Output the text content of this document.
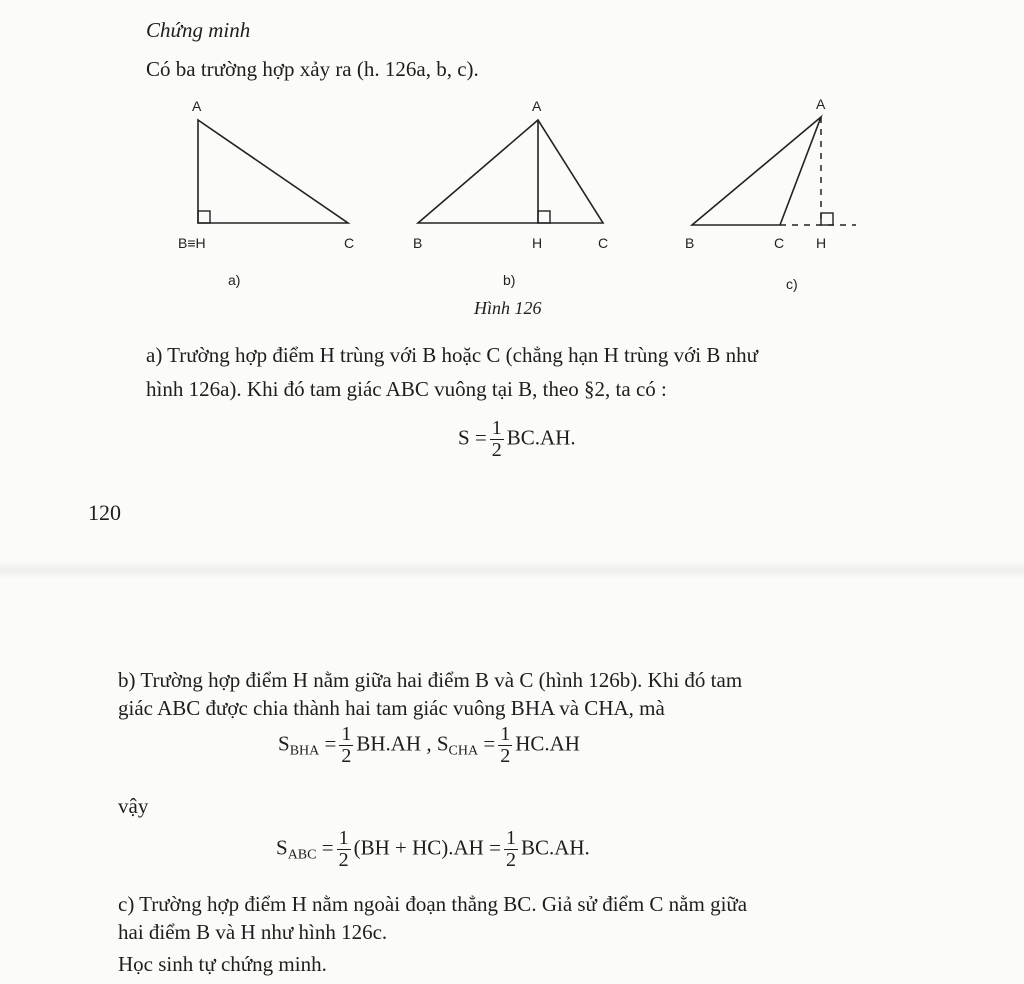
Chứng minh
Có ba trường hợp xảy ra (h. 126a, b, c).
A
B≡H	C
a)
A
B	H	C
b)
A
B	C H
c)
Hình 126
a) Trường hợp điểm H trùng với B hoặc C (chẳng hạn H trùng với B như
hình 126a). Khi đó tam giác ABC vuông tại B, theo §2, ta có :
$S = \frac{1}{2} BC.AH$.
120
b) Trường hợp điểm H nằm giữa hai điểm B và C (hình 126b). Khi đó tam
giác ABC được chia thành hai tam giác vuông BHA và CHA, mà
$S_{BHA} = \frac{1}{2} BH.AH$ , $S_{CHA} = \frac{1}{2} HC.AH$
vậy
$S_{ABC} = \frac{1}{2} (BH + HC).AH = \frac{1}{2} BC.AH$.
c) Trường hợp điểm H nằm ngoài đoạn thẳng BC. Giả sử điểm C nằm giữa
hai điểm B và H như hình 126c.
Học sinh tự chứng minh.
